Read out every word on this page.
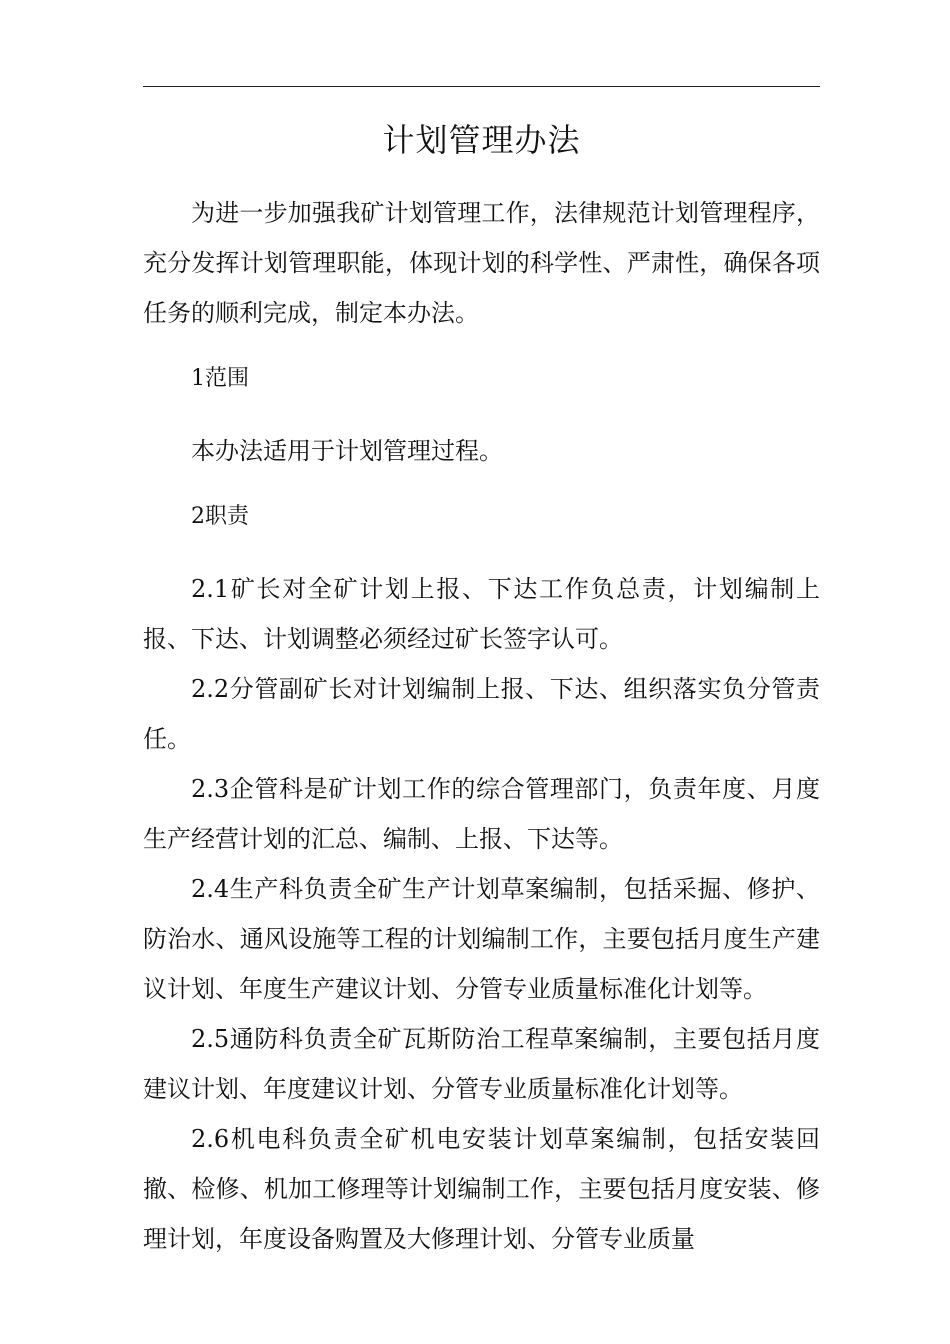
计划管理办法

为进一步加强我矿计划管理工作，法律规范计划管理程序，充分发挥计划管理职能，体现计划的科学性、严肃性，确保各项任务的顺利完成，制定本办法。

1范围

本办法适用于计划管理过程。

2职责

2.1矿长对全矿计划上报、下达工作负总责，计划编制上报、下达、计划调整必须经过矿长签字认可。

2.2分管副矿长对计划编制上报、下达、组织落实负分管责任。

2.3企管科是矿计划工作的综合管理部门，负责年度、月度生产经营计划的汇总、编制、上报、下达等。

2.4生产科负责全矿生产计划草案编制，包括采掘、修护、防治水、通风设施等工程的计划编制工作，主要包括月度生产建议计划、年度生产建议计划、分管专业质量标准化计划等。

2.5通防科负责全矿瓦斯防治工程草案编制，主要包括月度建议计划、年度建议计划、分管专业质量标准化计划等。

2.6机电科负责全矿机电安装计划草案编制，包括安装回撤、检修、机加工修理等计划编制工作，主要包括月度安装、修理计划，年度设备购置及大修理计划、分管专业质量
